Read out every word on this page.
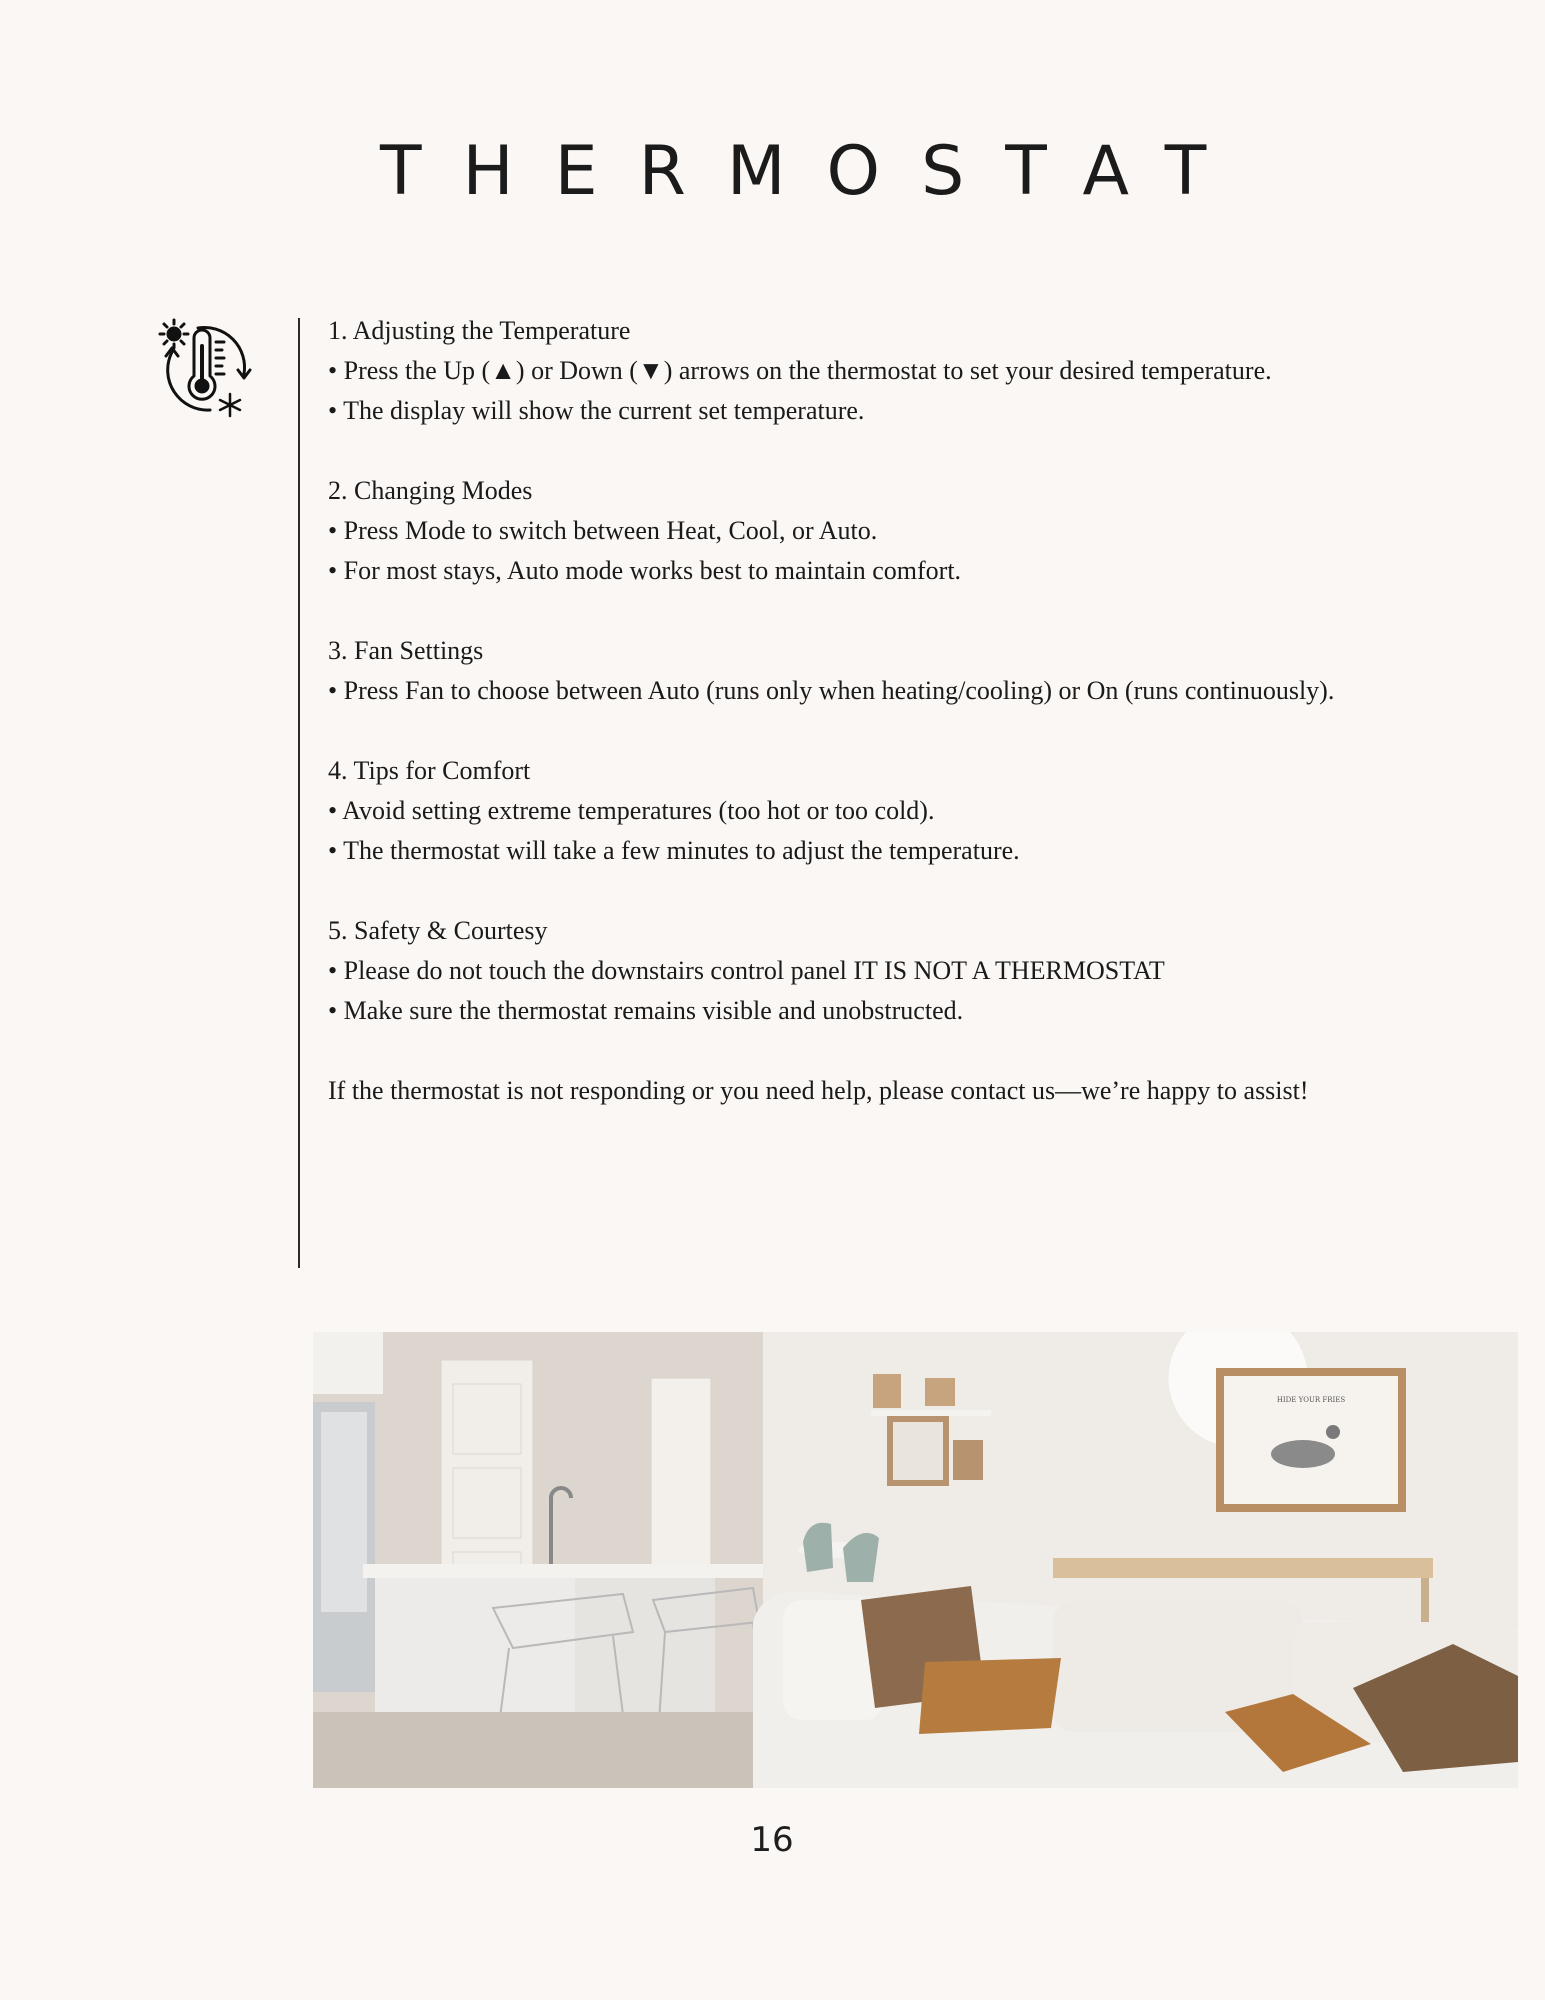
THERMOSTAT

1. Adjusting the Temperature

• Press the Up (▲) or Down (▼) arrows on the thermostat to set your desired temperature.

• The display will show the current set temperature.

2. Changing Modes

• Press Mode to switch between Heat, Cool, or Auto.

• For most stays, Auto mode works best to maintain comfort.

3. Fan Settings

• Press Fan to choose between Auto (runs only when heating/cooling) or On (runs continuously).

4. Tips for Comfort

• Avoid setting extreme temperatures (too hot or too cold).

• The thermostat will take a few minutes to adjust the temperature.

5. Safety & Courtesy

• Please do not touch the downstairs control panel IT IS NOT A THERMOSTAT

• Make sure the thermostat remains visible and unobstructed.

If the thermostat is not responding or you need help, please contact us—we’re happy to assist!

HIDE YOUR FRIES
16
